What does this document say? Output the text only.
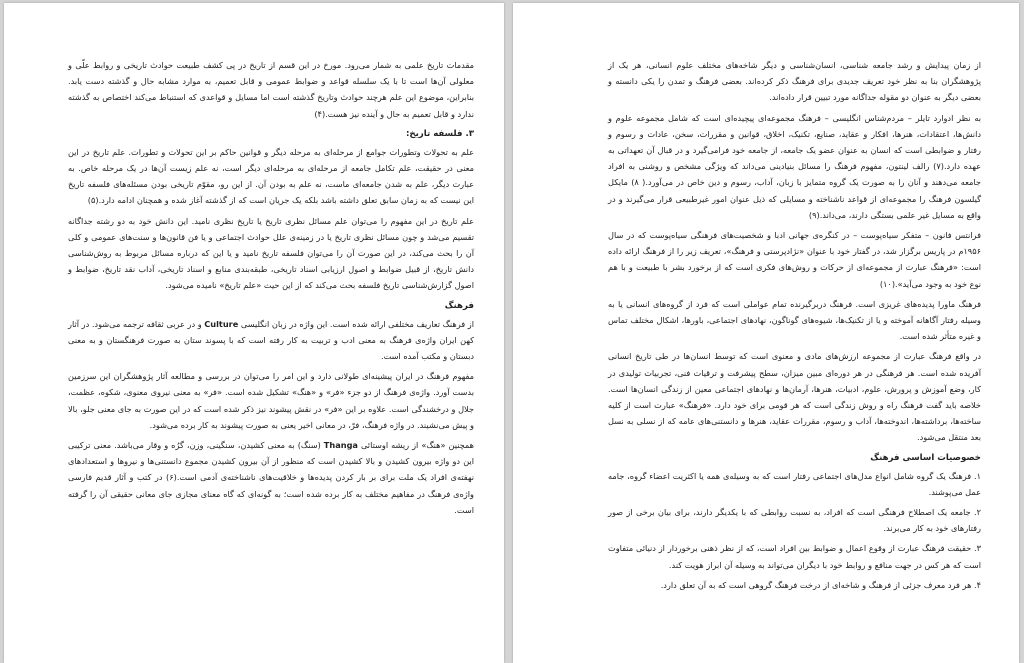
مقدمات تاریخ علمی به شمار می‌رود. مورخ در این قسم از تاریخ در پی کشف طبیعت حوادث تاریخی و روابط علّی و معلولی آن‌ها است تا با یک سلسله قواعد و ضوابط عمومی و قابل تعمیم، به موارد مشابه حال و گذشته دست یابد. بنابراین، موضوع این علم هرچند حوادث وتاریخ گذشته است اما مسایل و قواعدی که استنباط می‌کند اختصاص به گذشته ندارد و قابل تعمیم به حال و آینده نیز هست.(۴)

۳. فلسفه تاریخ:

علم به تحولات وتطورات جوامع از مرحله‌ای به مرحله دیگر و قوانین حاکم بر این تحولات و تطورات. علم تاریخ در این معنی در حقیقت، علم تکامل جامعه از مرحله‌ای به مرحله‌ای دیگر است، نه علم زیست آن‌ها در یک مرحله خاص. به عبارت دیگر، علم به شدن جامعه‌ای ماست، نه علم به بودن آن. از این رو، مقوّم تاریخی بودن مسئله‌های فلسفه تاریخ این نیست که به زمان سابق تعلق داشته باشد بلکه یک جریان است که از گذشته آغاز شده و همچنان ادامه دارد.(۵)

علم تاریخ در این مفهوم را می‌توان علم مسائل نظری تاریخ یا تاریخ نظری نامید. این دانش خود به دو رشته جداگانه تقسیم می‌شد و چون مسائل نظری تاریخ یا در زمینه‌ی علل حوادث اجتماعی و یا فن قانون‌ها و سنت‌های عمومی و کلی آن را بحث می‌کند، در این صورت آن را می‌توان فلسفه تاریخ نامید و یا این که درباره مسائل مربوط به روش‌شناسی دانش تاریخ، از قبیل ضوابط و اصول ارزیابی اسناد تاریخی، طبقه‌بندی منابع و اسناد تاریخی، آداب نقد تاریخ، ضوابط و اصول گزارش‌شناسی تاریخ فلسفه بحث می‌کند که از این حیث «علم تاریخ» نامیده می‌شود.

فرهنگ

از فرهنگ تعاریف مختلفی ارائه شده است. این واژه در زبان انگلیسی Culture و در عربی ثقافه ترجمه می‌شود. در آثار کهن ایران واژه‌ی فرهنگ به معنی ادب و تربیت به کار رفته است که با پسوند ستان به صورت فرهنگستان و به معنی دبستان و مکتب آمده است.

مفهوم فرهنگ در ایران پیشینه‌ای طولانی دارد و این امر را می‌توان در بررسی و مطالعه آثار پژوهشگران این سرزمین بدست آورد. واژه‌ی فرهنگ از دو جزء «فر» و «هنگ» تشکیل شده است. «فر» به معنی نیروی معنوی، شکوه، عظمت، جلال و درخشندگی است. علاوه بر این «فر» در نقش پیشوند نیز ذکر شده است که در این صورت به جای معنی جلو، بالا و پیش می‌نشیند. در واژه فرهنگ، فرّ، در معانی اخیر یعنی به صورت پیشوند به کار برده می‌شود.

همچنین «هنگ» از ریشه اوستائی Thanga (سنگ) به معنی کشیدن، سنگینی، وزن، گرُه و وقار می‌باشد. معنی ترکیبی این دو واژه بیرون کشیدن و بالا کشیدن است که منظور از آن بیرون کشیدن مجموع دانستنی‌ها و نیروها و استعدادهای نهفته‌ی افراد یک ملت برای بر بار کردن پدیده‌ها و خلاقیت‌های ناشناخته‌ی آدمی است.(۶) در کتب و آثار قدیم فارسی واژه‌ی فرهنگ در مفاهیم مختلف به کار برده شده است؛ به گونه‌ای که گاه معنای مجازی جای معانی حقیقی آن را گرفته است.

از زمان پیدایش و رشد جامعه شناسی، انسان‌شناسی و دیگر شاخه‌های مختلف علوم انسانی، هر یک از پژوهشگران بنا به نظر خود تعریف جدیدی برای فرهنگ ذکر کرده‌اند. بعضی فرهنگ و تمدن را یکی دانسته و بعضی دیگر به عنوان دو مقوله جداگانه مورد تبیین قرار داده‌اند.

به نظر ادوارد تایلر – مردم‌شناس انگلیسی – فرهنگ مجموعه‌ای پیچیده‌ای است که شامل مجموعه علوم و دانش‌ها، اعتقادات، هنرها، افکار و عقاید، صنایع، تکنیک، اخلاق، قوانین و مقررات، سخن، عادات و رسوم و رفتار و ضوابطی است که انسان به عنوان عضو یک جامعه، از جامعه خود فرامی‌گیرد و در قبال آن تعهداتی به عهده دارد.(۷) رالف لینتون، مفهوم فرهنگ را مسائل بنیادینی می‌داند که ویژگی مشخص و روشنی به افراد جامعه می‌دهند و آنان را به صورت یک گروه متمایز با زبان، آداب، رسوم و دین خاص در می‌آورد.( ۸) مایکل گیلسون فرهنگ را مجموعه‌ای از قواعد ناشناخته و مسایلی که ذیل عنوان امور غیرطبیعی قرار می‌گیرند و در واقع به مسایل غیر علمی بستگی دارند، می‌داند.(۹)

فرانتس فانون – متفکر سیاه‌پوست – در کنگره‌ی جهانی ادبا و شخصیت‌های فرهنگی سیاه‌پوست که در سال ۱۹۵۶م در پاریس برگزار شد، در گفتار خود با عنوان «نژادپرستی و فرهنگ»، تعریف زیر را از فرهنگ ارائه داده است: «فرهنگ عبارت از مجموعه‌ای از حرکات و روش‌های فکری است که از برخورد بشر با طبیعت و با هم نوع خود به وجود می‌آید».(۱۰)

فرهنگ ماورا پدیده‌های غریزی است. فرهنگ دربرگیرنده تمام عواملی است که فرد از گروه‌های انسانی یا به وسیله رفتار آگاهانه آموخته و یا از تکنیک‌ها، شیوه‌های گوناگون، نهادهای اجتماعی، باورها، اشکال مختلف تماس و غیره متأثر شده است.

در واقع فرهنگ عبارت از مجموعه ارزش‌های مادی و معنوی است که توسط انسان‌ها در طی تاریخ انسانی آفریده شده است. هر فرهنگی در هر دوره‌ای مبین میزان، سطح پیشرفت و ترقیات فنی، تجربیات تولیدی در کار، وضع آموزش و پرورش، علوم، ادبیات، هنرها، آرمان‌ها و نهادهای اجتماعی معین از زندگی انسان‌ها است. خلاصه باید گفت فرهنگ راه و روش زندگی است که هر قومی برای خود دارد. «فرهنگ» عبارت است از کلیه ساخته‌ها، برداشته‌ها، اندوخته‌ها، آداب و رسوم، مقررات عقاید، هنرها و دانستنی‌های عامه که از نسلی به نسل بعد منتقل می‌شود.

خصوصیات اساسی فرهنگ

۱. فرهنگ یک گروه شامل انواع مدل‌های اجتماعی رفتار است که به وسیله‌ی همه یا اکثریت اعضاء گروه، جامه عمل می‌پوشند.

۲. جامعه یک اصطلاح فرهنگی است که افراد، به نسبت روابطی که با یکدیگر دارند، برای بیان برخی از صور رفتارهای خود به کار می‌برند.

۳. حقیقت فرهنگ عبارت از وقوع اعمال و ضوابط بین افراد است، که از نظر ذهنی برخوردار از دنیائی متفاوت است که هر کس در جهت منافع و روابط خود با دیگران می‌تواند به وسیله آن ابراز هویت کند.

۴. هر فرد معرف جزئی از فرهنگ و شاخه‌ای از درخت فرهنگ گروهی است که به آن تعلق دارد.
